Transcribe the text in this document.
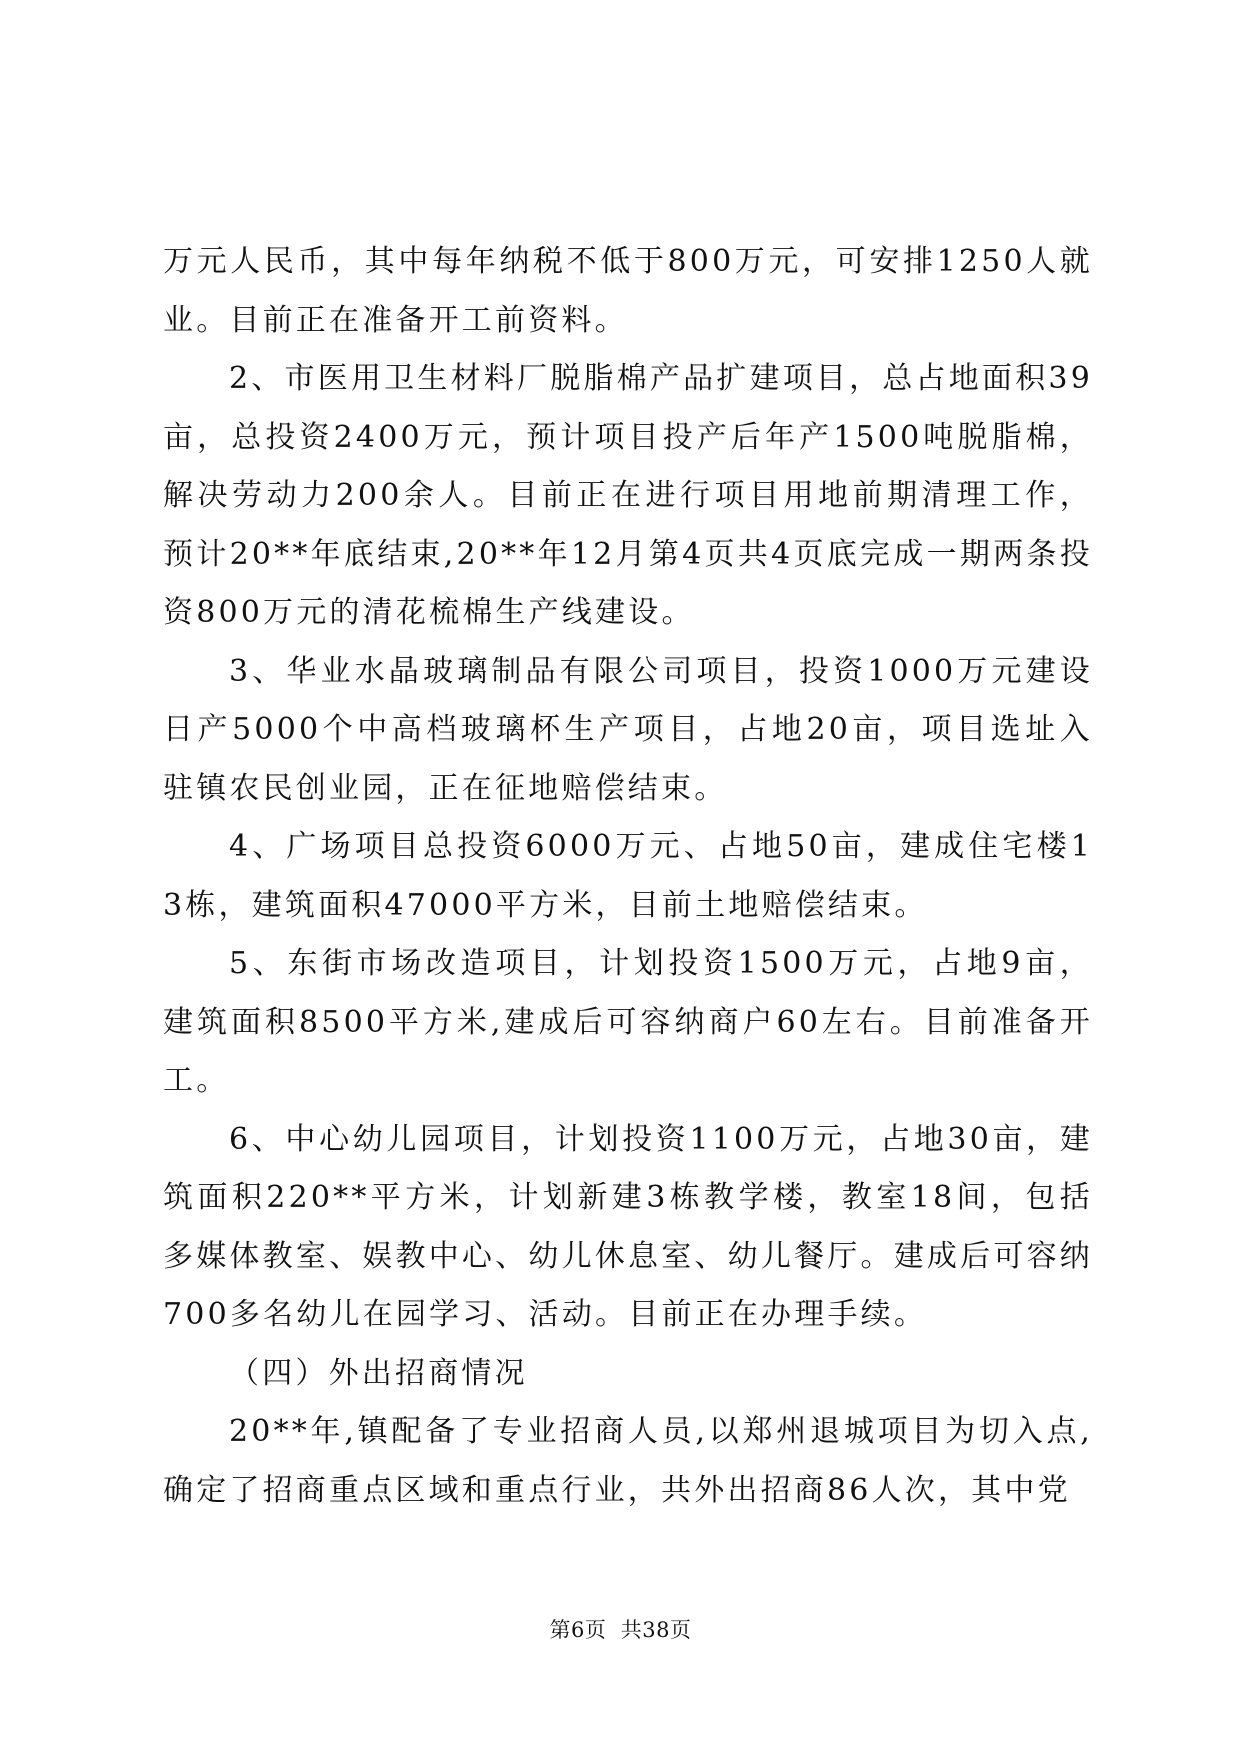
万元人民币，其中每年纳税不低于800万元，可安排1250人就业。目前正在准备开工前资料。

2、市医用卫生材料厂脱脂棉产品扩建项目，总占地面积39亩，总投资2400万元，预计项目投产后年产1500吨脱脂棉，解决劳动力200余人。目前正在进行项目用地前期清理工作，预计20**年底结束,20**年12月第4页共4页底完成一期两条投资800万元的清花梳棉生产线建设。

3、华业水晶玻璃制品有限公司项目，投资1000万元建设日产5000个中高档玻璃杯生产项目，占地20亩，项目选址入驻镇农民创业园，正在征地赔偿结束。

4、广场项目总投资6000万元、占地50亩，建成住宅楼13栋，建筑面积47000平方米，目前土地赔偿结束。

5、东街市场改造项目，计划投资1500万元，占地9亩，建筑面积8500平方米,建成后可容纳商户60左右。目前准备开工。

6、中心幼儿园项目，计划投资1100万元，占地30亩，建筑面积220**平方米，计划新建3栋教学楼，教室18间，包括多媒体教室、娱教中心、幼儿休息室、幼儿餐厅。建成后可容纳700多名幼儿在园学习、活动。目前正在办理手续。

（四）外出招商情况

20**年,镇配备了专业招商人员,以郑州退城项目为切入点,确定了招商重点区域和重点行业，共外出招商86人次，其中党

第6页  共38页
